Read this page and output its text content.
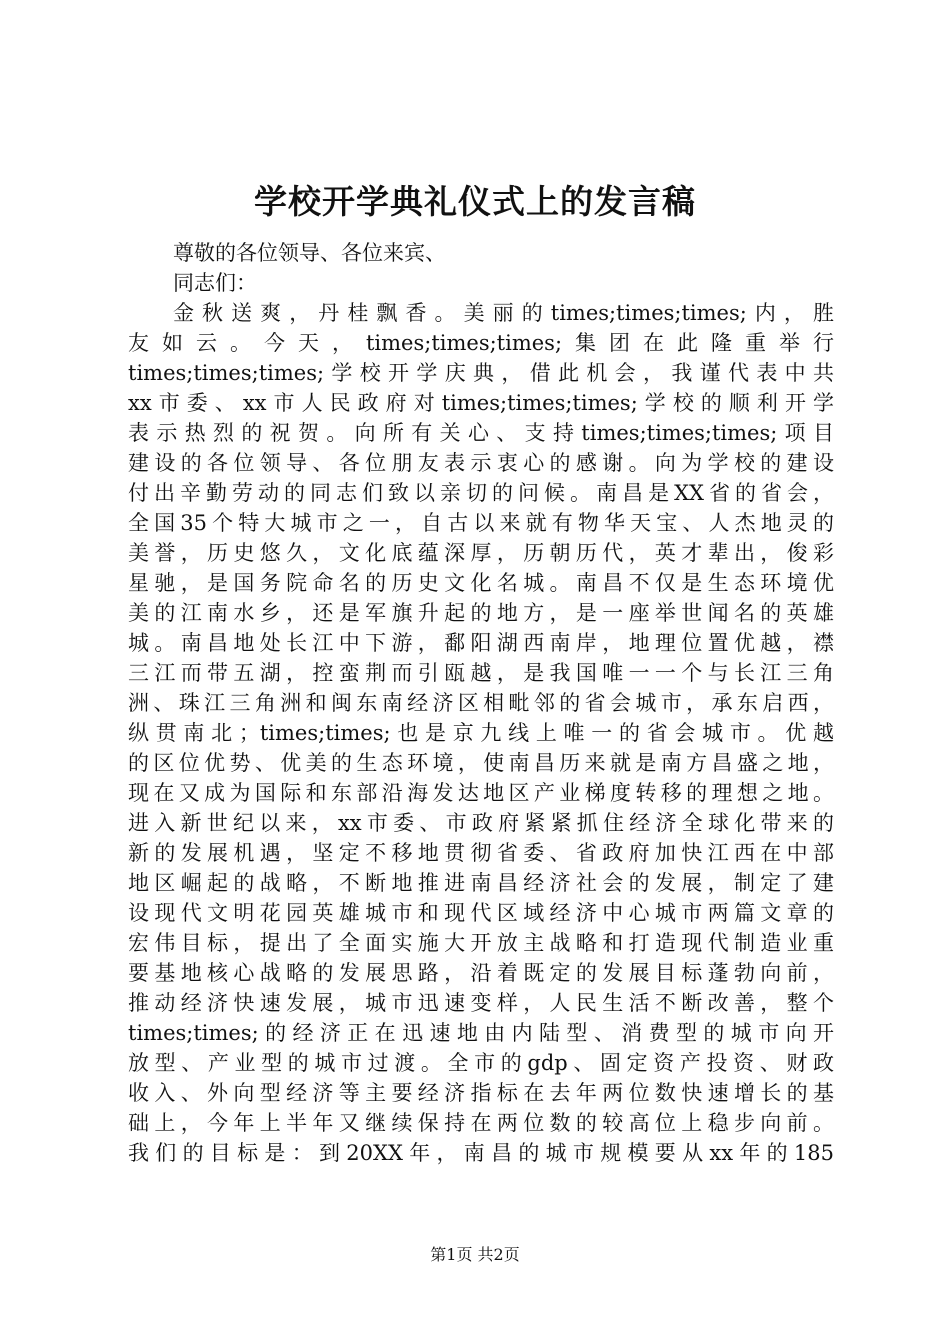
学校开学典礼仪式上的发言稿
尊敬的各位领导、各位来宾、
同志们：
金秋送爽，丹桂飘香。美丽的times;times;times;内，胜
友如云。今天，times;times;times;集团在此隆重举行
times;times;times;学校开学庆典，借此机会，我谨代表中共
xx市委、xx市人民政府对times;times;times;学校的顺利开学
表示热烈的祝贺。向所有关心、支持times;times;times;项目
建设的各位领导、各位朋友表示衷心的感谢。向为学校的建设
付出辛勤劳动的同志们致以亲切的问候。南昌是XX省的省会，
全国35个特大城市之一，自古以来就有物华天宝、人杰地灵的
美誉，历史悠久，文化底蕴深厚，历朝历代，英才辈出，俊彩
星驰，是国务院命名的历史文化名城。南昌不仅是生态环境优
美的江南水乡，还是军旗升起的地方，是一座举世闻名的英雄
城。南昌地处长江中下游，鄱阳湖西南岸，地理位置优越，襟
三江而带五湖，控蛮荆而引瓯越，是我国唯一一个与长江三角
洲、珠江三角洲和闽东南经济区相毗邻的省会城市，承东启西，
纵贯南北；times;times;也是京九线上唯一的省会城市。优越
的区位优势、优美的生态环境，使南昌历来就是南方昌盛之地，
现在又成为国际和东部沿海发达地区产业梯度转移的理想之地。
进入新世纪以来，xx市委、市政府紧紧抓住经济全球化带来的
新的发展机遇，坚定不移地贯彻省委、省政府加快江西在中部
地区崛起的战略，不断地推进南昌经济社会的发展，制定了建
设现代文明花园英雄城市和现代区域经济中心城市两篇文章的
宏伟目标，提出了全面实施大开放主战略和打造现代制造业重
要基地核心战略的发展思路，沿着既定的发展目标蓬勃向前，
推动经济快速发展，城市迅速变样，人民生活不断改善，整个
times;times;的经济正在迅速地由内陆型、消费型的城市向开
放型、产业型的城市过渡。全市的gdp、固定资产投资、财政
收入、外向型经济等主要经济指标在去年两位数快速增长的基
础上，今年上半年又继续保持在两位数的较高位上稳步向前。
我们的目标是：到20XX年，南昌的城市规模要从xx年的185
第1页 共2页
